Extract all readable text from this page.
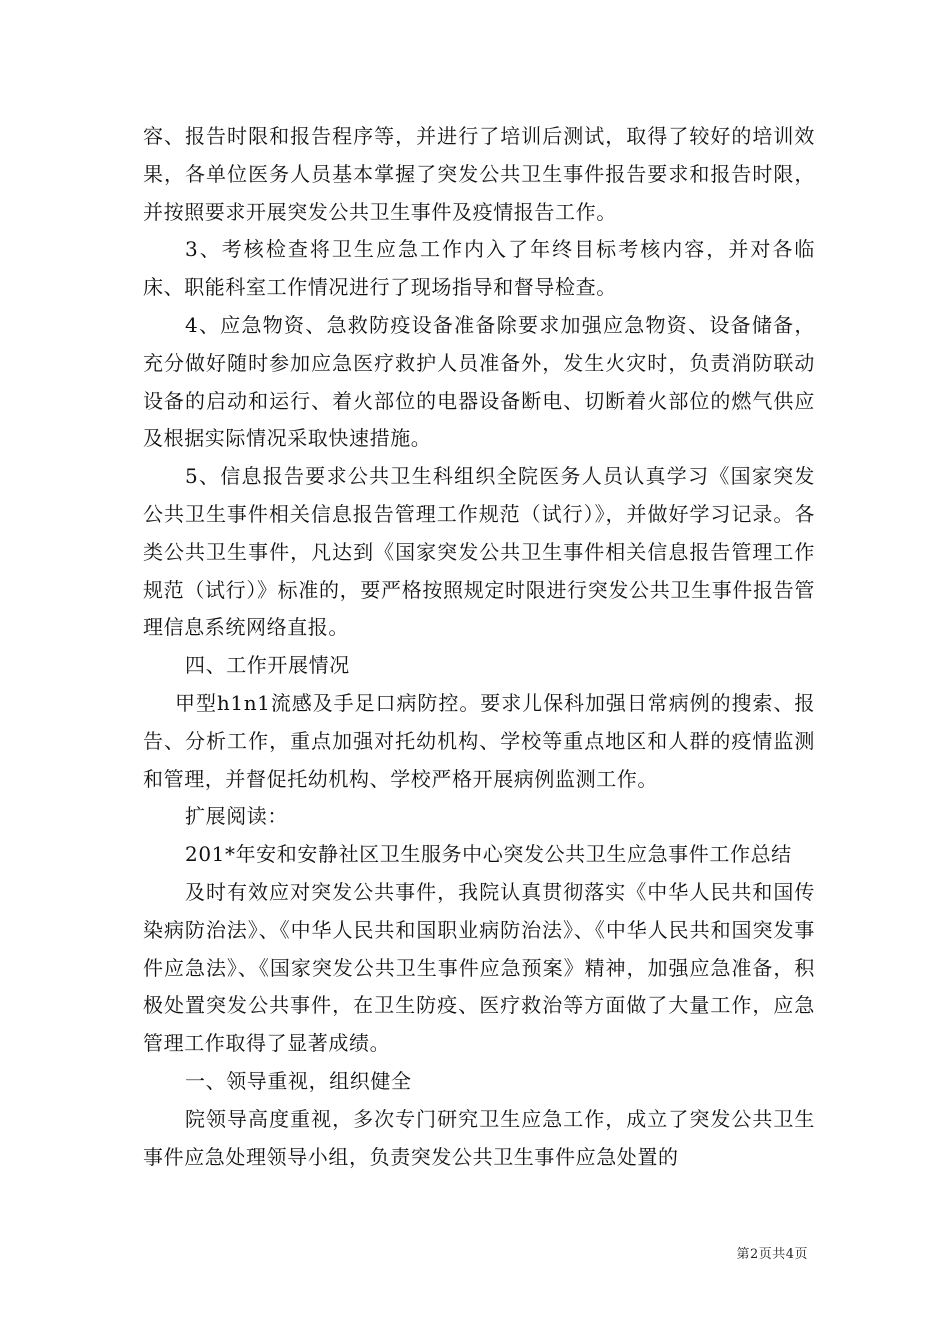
容、报告时限和报告程序等，并进行了培训后测试，取得了较好的培训效果，各单位医务人员基本掌握了突发公共卫生事件报告要求和报告时限，并按照要求开展突发公共卫生事件及疫情报告工作。

3、考核检查将卫生应急工作内入了年终目标考核内容，并对各临床、职能科室工作情况进行了现场指导和督导检查。

4、应急物资、急救防疫设备准备除要求加强应急物资、设备储备，充分做好随时参加应急医疗救护人员准备外，发生火灾时，负责消防联动设备的启动和运行、着火部位的电器设备断电、切断着火部位的燃气供应及根据实际情况采取快速措施。

5、信息报告要求公共卫生科组织全院医务人员认真学习《国家突发公共卫生事件相关信息报告管理工作规范（试行）》，并做好学习记录。各类公共卫生事件，凡达到《国家突发公共卫生事件相关信息报告管理工作规范（试行）》标准的，要严格按照规定时限进行突发公共卫生事件报告管理信息系统网络直报。

四、工作开展情况

甲型h1n1流感及手足口病防控。要求儿保科加强日常病例的搜索、报告、分析工作，重点加强对托幼机构、学校等重点地区和人群的疫情监测和管理，并督促托幼机构、学校严格开展病例监测工作。

扩展阅读：

201*年安和安静社区卫生服务中心突发公共卫生应急事件工作总结

及时有效应对突发公共事件，我院认真贯彻落实《中华人民共和国传染病防治法》、《中华人民共和国职业病防治法》、《中华人民共和国突发事件应急法》、《国家突发公共卫生事件应急预案》精神，加强应急准备，积极处置突发公共事件，在卫生防疫、医疗救治等方面做了大量工作，应急管理工作取得了显著成绩。

一、领导重视，组织健全

院领导高度重视，多次专门研究卫生应急工作，成立了突发公共卫生事件应急处理领导小组，负责突发公共卫生事件应急处置的

第2页共4页
